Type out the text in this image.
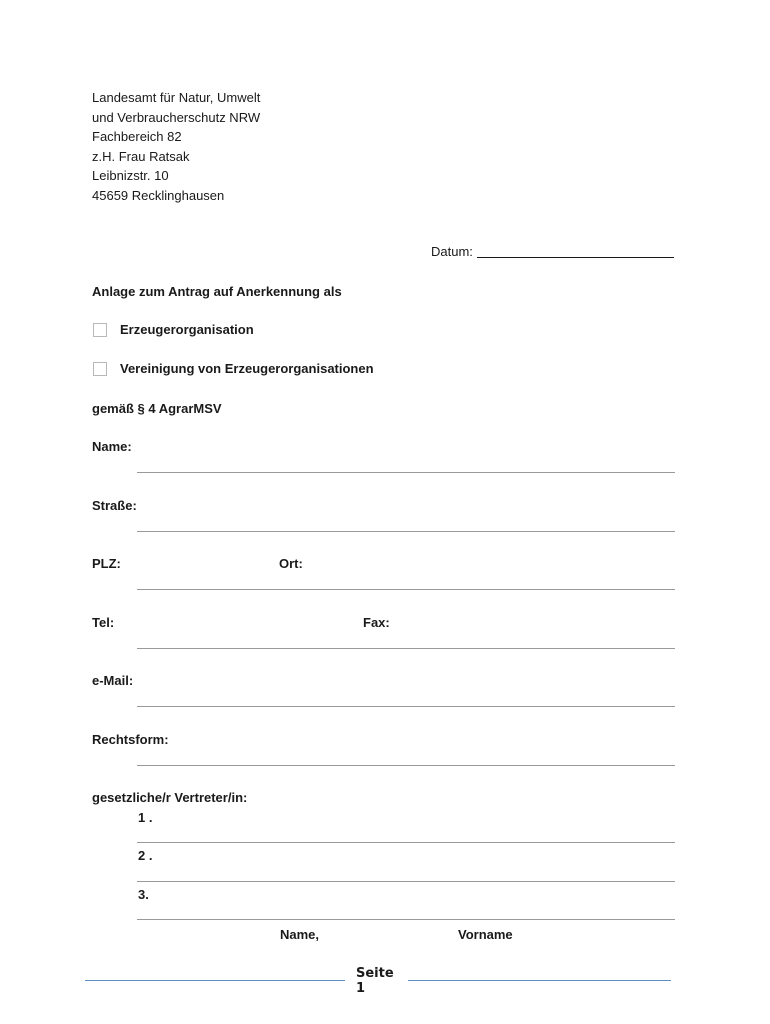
Landesamt für Natur, Umwelt
und Verbraucherschutz NRW
Fachbereich 82
z.H. Frau Ratsak
Leibnizstr. 10
45659 Recklinghausen
Datum:
Anlage zum Antrag auf Anerkennung als
Erzeugerorganisation
Vereinigung von Erzeugerorganisationen
gemäß § 4 AgrarMSV
Name:
Straße:
PLZ:	Ort:
Tel:	Fax:
e-Mail:
Rechtsform:
gesetzliche/r Vertreter/in:
1 .
2 .
3.
Name,	Vorname
Seite
1
